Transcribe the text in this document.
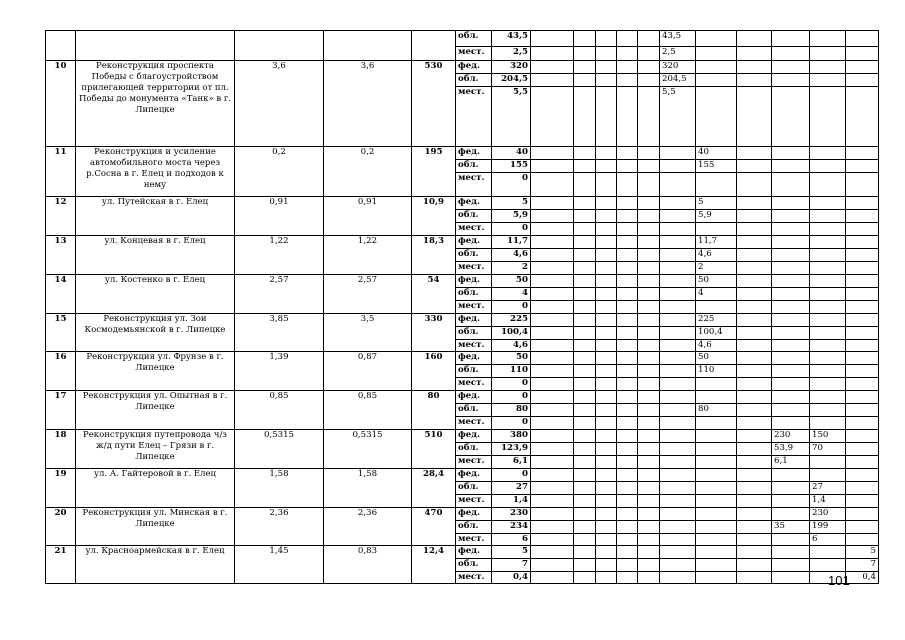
					обл.	43,5						43,5					
					мест.	2,5						2,5					
10	Реконструкция проспекта Победы с благоустройством прилегающей территории от пл. Победы до монумента «Танк» в г. Липецке	3,6	3,6	530	фед.	320						320					
					обл.	204,5						204,5					
					мест.	5,5						5,5					
11	Реконструкция и усиление автомобильного моста через р.Сосна в г. Елец и подходов к нему	0,2	0,2	195	фед.	40							40				
					обл.	155							155				
					мест.	0											
12	ул. Путейская в г. Елец	0,91	0,91	10,9	фед.	5							5				
					обл.	5,9							5,9				
					мест.	0											
13	ул. Концевая в г. Елец	1,22	1,22	18,3	фед.	11,7							11,7				
					обл.	4,6							4,6				
					мест.	2							2				
14	ул. Костенко в г. Елец	2,57	2,57	54	фед.	50							50				
					обл.	4							4				
					мест.	0											
15	Реконструкция ул. Зои Космодемьянской в г. Липецке	3,85	3,5	330	фед.	225							225				
					обл.	100,4							100,4				
					мест.	4,6							4,6				
16	Реконструкция ул. Фрунзе в г. Липецке	1,39	0,87	160	фед.	50							50				
					обл.	110							110				
					мест.	0											
17	Реконструкция ул. Опытная в г. Липецке	0,85	0,85	80	фед.	0											
					обл.	80							80				
					мест.	0											
18	Реконструкция путепровода ч/з ж/д пути Елец – Грязи в г. Липецке	0,5315	0,5315	510	фед.	380									230	150	
					обл.	123,9									53,9	70	
					мест.	6,1									6,1		
19	ул. А. Гайтеровой в г. Елец	1,58	1,58	28,4	фед.	0											
					обл.	27										27	
					мест.	1,4										1,4	
20	Реконструкция ул. Минская в г. Липецке	2,36	2,36	470	фед.	230										230	
					обл.	234									35	199	
					мест.	6										6	
21	ул. Красноармейская в г. Елец	1,45	0,83	12,4	фед.	5											5
					обл.	7											7
					мест.	0,4											0,4
101
